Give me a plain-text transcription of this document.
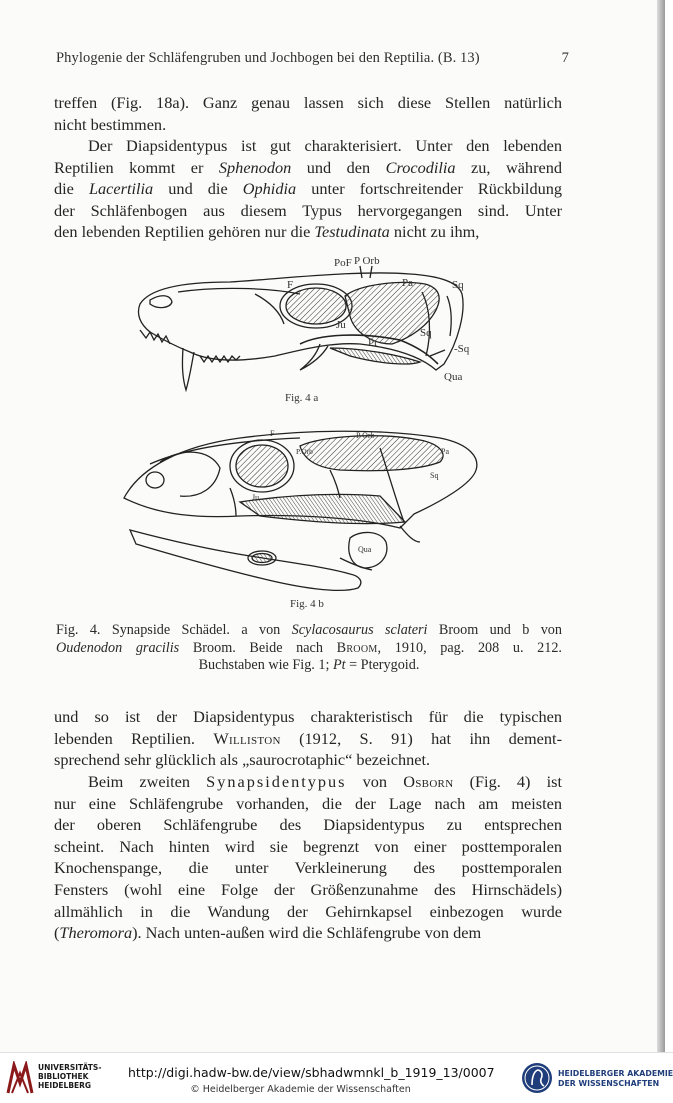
Phylogenie der Schläfengruben und Jochbogen bei den Reptilia. (B. 13)	7
treffen (Fig. 18a). Ganz genau lassen sich diese Stellen natürlich
nicht bestimmen.
Der Diapsidentypus ist gut charakterisiert. Unter den lebenden
Reptilien kommt er Sphenodon und den Crocodilia zu, während
die Lacertilia und die Ophidia unter fortschreitender Rückbildung
der Schläfenbogen aus diesem Typus hervorgegangen sind. Unter
den lebenden Reptilien gehören nur die Testudinata nicht zu ihm,
PoF P Orb
Pa	Sq
F
Ju
Sq
Pt	-Sq
Qua
Fig. 4 a
F	P Orb
P.Orb	Pa
Sq
Ju
Qua
Fig. 4 b
Fig. 4. Synapside Schädel. a von Scylacosaurus sclateri Broom und b von
Oudenodon gracilis Broom. Beide nach Broom, 1910, pag. 208 u. 212.
Buchstaben wie Fig. 1; Pt = Pterygoid.
und so ist der Diapsidentypus charakteristisch für die typischen
lebenden Reptilien. Williston (1912, S. 91) hat ihn dement-
sprechend sehr glücklich als „saurocrotaphic“ bezeichnet.
Beim zweiten Synapsidentypus von Osborn (Fig. 4) ist
nur eine Schläfengrube vorhanden, die der Lage nach am meisten
der oberen Schläfengrube des Diapsidentypus zu entsprechen
scheint. Nach hinten wird sie begrenzt von einer posttemporalen
Knochenspange, die unter Verkleinerung des posttemporalen
Fensters (wohl eine Folge der Größenzunahme des Hirnschädels)
allmählich in die Wandung der Gehirnkapsel einbezogen wurde
(Theromora). Nach unten-außen wird die Schläfengrube von dem
UNIVERSITÄTS-
BIBLIOTHEK
HEIDELBERG
http://digi.hadw-bw.de/view/sbhadwmnkl_b_1919_13/0007
© Heidelberger Akademie der Wissenschaften
HEIDELBERGER AKADEMIE
DER WISSENSCHAFTEN
